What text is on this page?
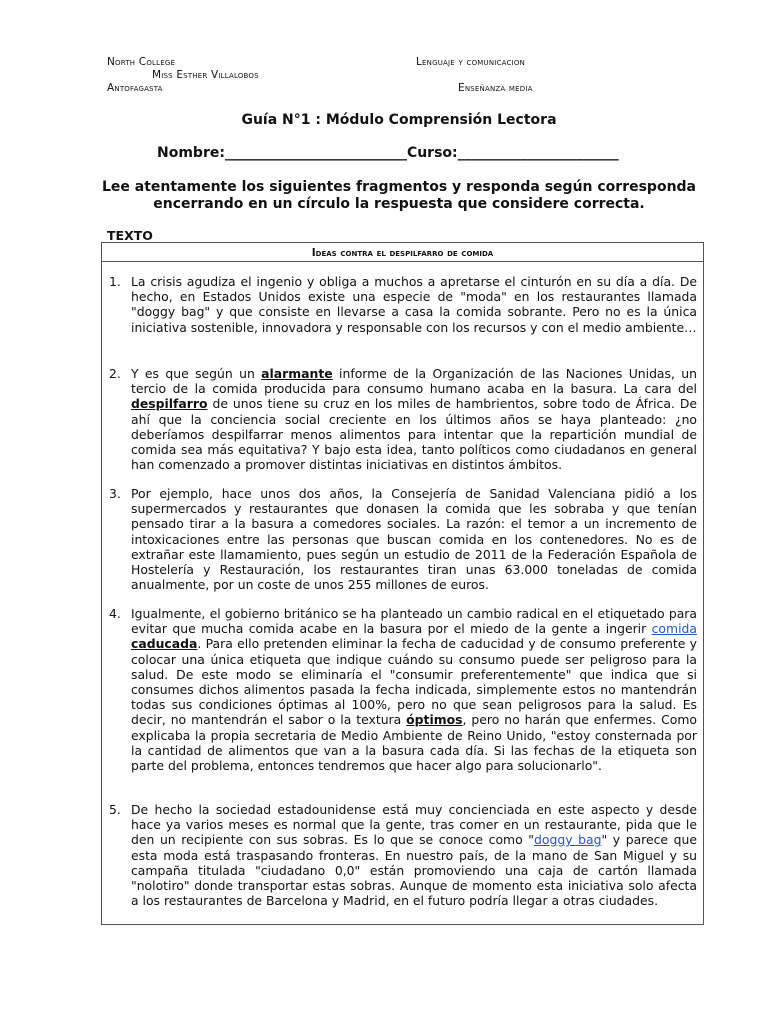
North College
Miss Esther Villalobos
Antofagasta
Lenguaje y comunicacion
Enseñanza media
Guía N°1 : Módulo Comprensión Lectora
Nombre:__________________________Curso:_______________________
Lee atentamente los siguientes fragmentos y responda según corresponda encerrando en un círculo la respuesta que considere correcta.
TEXTO
Ideas contra el despilfarro de comida
1. La crisis agudiza el ingenio y obliga a muchos a apretarse el cinturón en su día a día. De hecho, en Estados Unidos existe una especie de "moda" en los restaurantes llamada "doggy bag" y que consiste en llevarse a casa la comida sobrante. Pero no es la única iniciativa sostenible, innovadora y responsable con los recursos y con el medio ambiente…
2. Y es que según un alarmante informe de la Organización de las Naciones Unidas, un tercio de la comida producida para consumo humano acaba en la basura. La cara del despilfarro de unos tiene su cruz en los miles de hambrientos, sobre todo de África. De ahí que la conciencia social creciente en los últimos años se haya planteado: ¿no deberíamos despilfarrar menos alimentos para intentar que la repartición mundial de comida sea más equitativa? Y bajo esta idea, tanto políticos como ciudadanos en general han comenzado a promover distintas iniciativas en distintos ámbitos.
3. Por ejemplo, hace unos dos años, la Consejería de Sanidad Valenciana pidió a los supermercados y restaurantes que donasen la comida que les sobraba y que tenían pensado tirar a la basura a comedores sociales. La razón: el temor a un incremento de intoxicaciones entre las personas que buscan comida en los contenedores. No es de extrañar este llamamiento, pues según un estudio de 2011 de la Federación Española de Hostelería y Restauración, los restaurantes tiran unas 63.000 toneladas de comida anualmente, por un coste de unos 255 millones de euros.
4. Igualmente, el gobierno británico se ha planteado un cambio radical en el etiquetado para evitar que mucha comida acabe en la basura por el miedo de la gente a ingerir comida caducada. Para ello pretenden eliminar la fecha de caducidad y de consumo preferente y colocar una única etiqueta que indique cuándo su consumo puede ser peligroso para la salud. De este modo se eliminaría el "consumir preferentemente" que indica que si consumes dichos alimentos pasada la fecha indicada, simplemente estos no mantendrán todas sus condiciones óptimas al 100%, pero no que sean peligrosos para la salud. Es decir, no mantendrán el sabor o la textura óptimos, pero no harán que enfermes. Como explicaba la propia secretaria de Medio Ambiente de Reino Unido, "estoy consternada por la cantidad de alimentos que van a la basura cada día. Si las fechas de la etiqueta son parte del problema, entonces tendremos que hacer algo para solucionarlo".
5. De hecho la sociedad estadounidense está muy concienciada en este aspecto y desde hace ya varios meses es normal que la gente, tras comer en un restaurante, pida que le den un recipiente con sus sobras. Es lo que se conoce como "doggy bag" y parece que esta moda está traspasando fronteras. En nuestro país, de la mano de San Miguel y su campaña titulada "ciudadano 0,0" están promoviendo una caja de cartón llamada "nolotiro" donde transportar estas sobras. Aunque de momento esta iniciativa solo afecta a los restaurantes de Barcelona y Madrid, en el futuro podría llegar a otras ciudades.
